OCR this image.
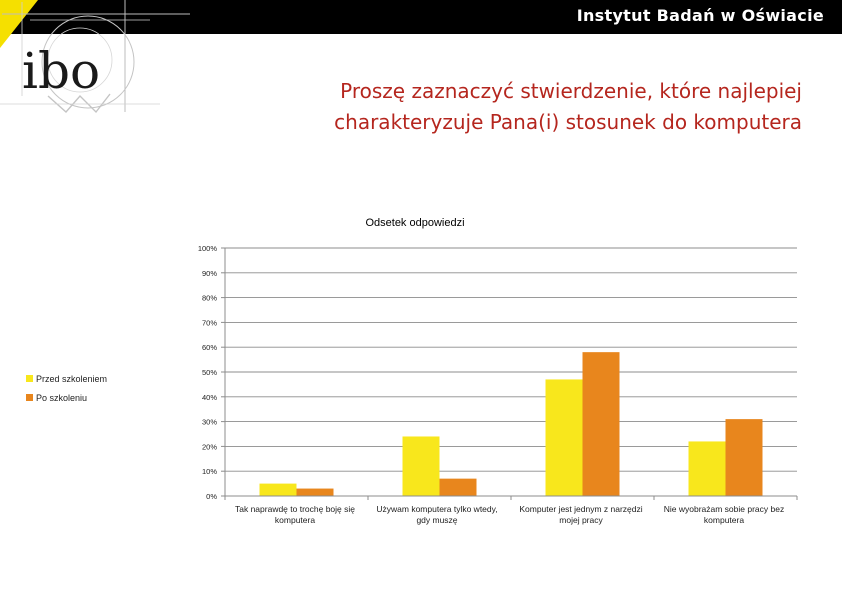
Instytut Badań w Oświacie
ibo	Proszę zaznaczyć stwierdzenie, które najlepiej
charakteryzuje Pana(i) stosunek do komputera
Odsetek odpowiedzi
0%
10%
20%
30%
40%
50%
60%
70%
80%
90%
100%
Przed szkoleniem
Po szkoleniu
Tak naprawdę to trochę boję się komputera
Używam komputera tylko wtedy, gdy muszę
Komputer jest jednym z narzędzi mojej pracy
Nie wyobrażam sobie pracy bez komputera
